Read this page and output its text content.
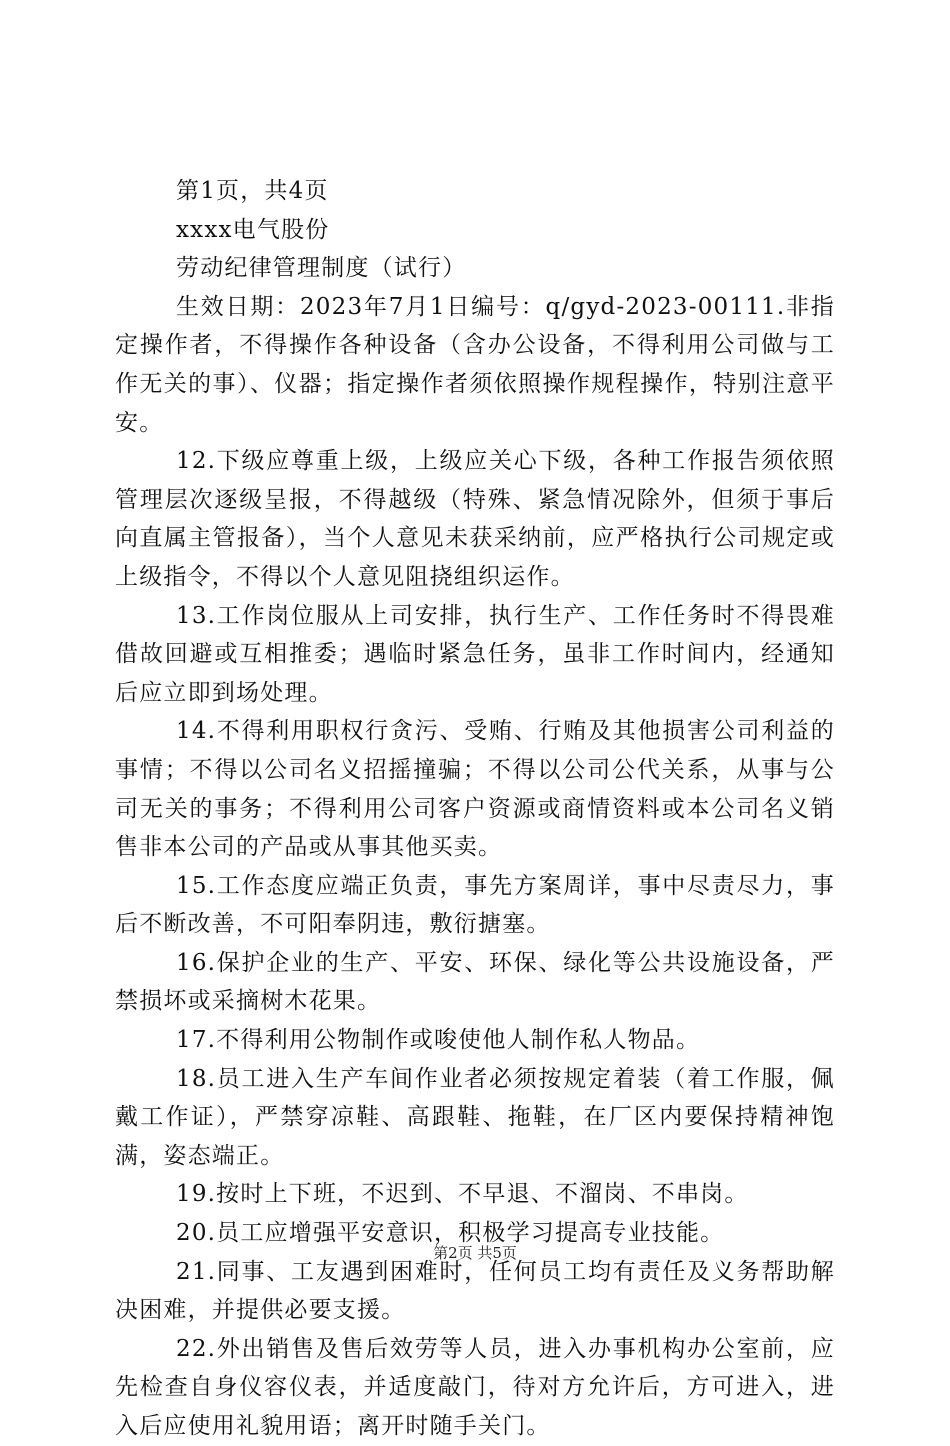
第1页，共4页

xxxx电气股份

劳动纪律管理制度（试行）

生效日期：2023年7月1日编号：q/gyd-2023-00111.非指定操作者，不得操作各种设备（含办公设备，不得利用公司做与工作无关的事）、仪器；指定操作者须依照操作规程操作，特别注意平安。

12.下级应尊重上级，上级应关心下级，各种工作报告须依照管理层次逐级呈报，不得越级（特殊、紧急情况除外，但须于事后向直属主管报备），当个人意见未获采纳前，应严格执行公司规定或上级指令，不得以个人意见阻挠组织运作。

13.工作岗位服从上司安排，执行生产、工作任务时不得畏难借故回避或互相推委；遇临时紧急任务，虽非工作时间内，经通知后应立即到场处理。

14.不得利用职权行贪污、受贿、行贿及其他损害公司利益的事情；不得以公司名义招摇撞骗；不得以公司公代关系，从事与公司无关的事务；不得利用公司客户资源或商情资料或本公司名义销售非本公司的产品或从事其他买卖。

15.工作态度应端正负责，事先方案周详，事中尽责尽力，事后不断改善，不可阳奉阴违，敷衍搪塞。

16.保护企业的生产、平安、环保、绿化等公共设施设备，严禁损坏或采摘树木花果。

17.不得利用公物制作或唆使他人制作私人物品。

18.员工进入生产车间作业者必须按规定着装（着工作服，佩戴工作证），严禁穿凉鞋、高跟鞋、拖鞋，在厂区内要保持精神饱满，姿态端正。

19.按时上下班，不迟到、不早退、不溜岗、不串岗。

20.员工应增强平安意识，积极学习提高专业技能。

21.同事、工友遇到困难时，任何员工均有责任及义务帮助解决困难，并提供必要支援。

22.外出销售及售后效劳等人员，进入办事机构办公室前，应先检查自身仪容仪表，并适度敲门，待对方允许后，方可进入，进入后应使用礼貌用语；离开时随手关门。

第2页 共5页
